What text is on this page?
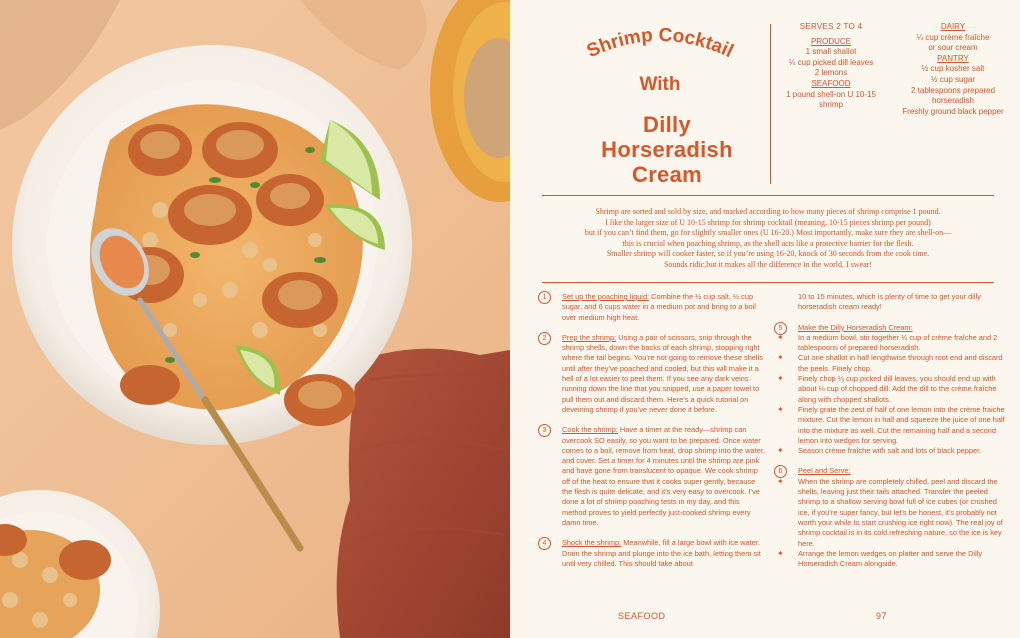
Shrimp Cocktail
With
Dilly
Horseradish
Cream
SERVES 2 TO 4
PRODUCE
1 small shallot
¼ cup picked dill leaves
2 lemons
SEAFOOD
1 pound shell-on U 10-15
shrimp
DAIRY
¼ cup crème fraîche
or sour cream
PANTRY
½ cup kosher salt
½ cup sugar
2 tablespoons prepared
horseradish
Freshly ground black pepper
Shrimp are sorted and sold by size, and marked according to how many pieces of shrimp comprise 1 pound.
I like the larger size of U 10-15 shrimp for shrimp cocktail (meaning, 10-15 pieces shrimp per pound)
but if you can’t find them, go for slightly smaller ones (U 16-20.) Most importantly, make sure they are shell-on—
this is crucial when poaching shrimp, as the shell acts like a protective barrier for the flesh.
Smaller shrimp will cooker faster, so if you’re using 16-20, knock of 30 seconds from the cook time.
Sounds ridic,but it makes all the difference in the world, I swear!
1	Set up the poaching liquid: Combine the ½ cup salt, ½ cup sugar, and 6 cups water in a medium pot and bring to a boil over medium high heat.
2	Prep the shrimp: Using a pair of scissors, snip through the shrimp shells, down the backs of each shrimp, stopping right where the tail begins. You’re not going to remove these shells until after they’ve poached and cooled, but this will make it a hell of a lot easier to peel them. If you see any dark veins running down the line that you snipped, use a paper towel to pull them out and discard them. Here’s a quick tutorial on deveining shrimp if you’ve never done it before.
3	Cook the shrimp: Have a timer at the ready—shrimp can overcook SO easily, so you want to be prepared. Once water comes to a boil, remove from heat, drop shrimp into the water, and cover. Set a timer for 4 minutes until the shrimp are pink and have gone from translucent to opaque. We cook shrimp off of the heat to ensure that it cooks super gently, because the flesh is quite delicate, and it’s very easy to overcook. I’ve done a lot of shrimp poaching tests in my day, and this method proves to yield perfectly just-cooked shrimp every damn time.
4	Shock the shrimp: Meanwhile, fill a large bowl with ice water. Drain the shrimp and plunge into the ice bath, letting them sit until very chilled. This should take about
10 to 15 minutes, which is plenty of time to get your dilly horseradish cream ready!
5	Make the Dilly Horseradish Cream:
✦ In a medium bowl, stir together ¼ cup of crème fraîche and 2 tablespoons of prepared horseradish.
✦ Cut one shallot in half lengthwise through root end and discard the peels. Finely chop.
✦ Finely chop ¼ cup picked dill leaves, you should end up with about ⅛ cup of chopped dill. Add the dill to the crème fraîche along with chopped shallots.
✦ Finely grate the zest of half of one lemon into the crème fraiche mixture. Cut the lemon in half and squeeze the juice of one half into the mixture as well. Cut the remaining half and a second lemon into wedges for serving.
✦ Season crème fraîche with salt and lots of black pepper.
6	Peel and Serve:
✦ When the shrimp are completely chilled, peel and discard the shells, leaving just their tails attached. Transfer the peeled shrimp to a shallow serving bowl full of ice cubes (or crushed ice, if you’re super fancy, but let’s be honest, it’s probably not worth your while to start crushing ice right now). The real joy of shrimp cocktail is in its cold refreshing nature, so the ice is key here.
✦ Arrange the lemon wedges on platter and serve the Dilly Horseradish Cream alongside.
SEAFOOD	97
